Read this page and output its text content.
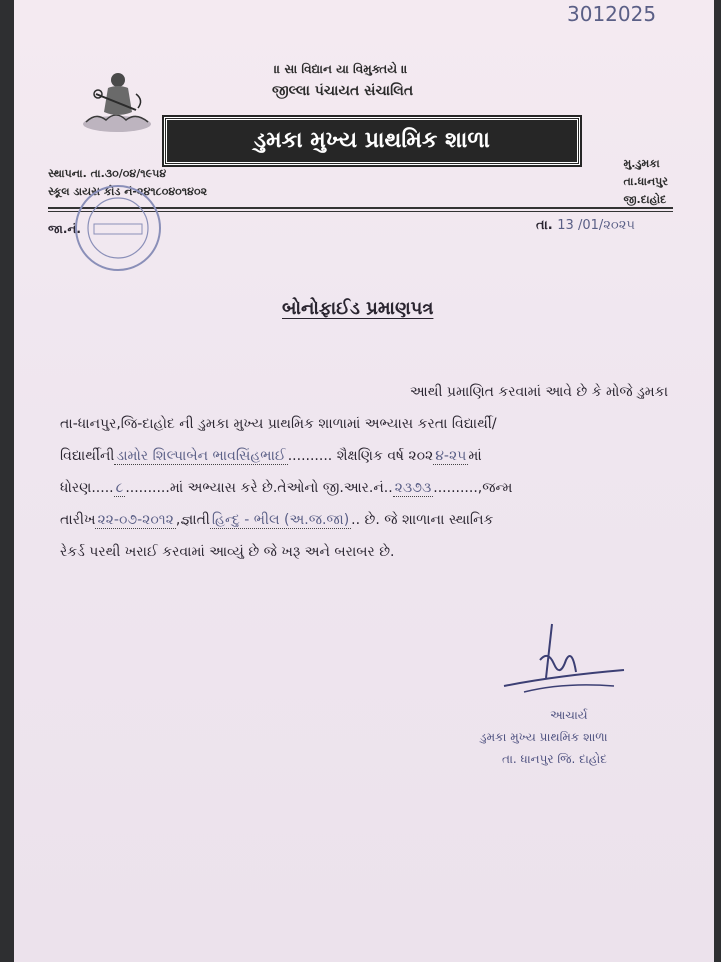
3012025
॥ સા વિદ્યાન યા વિમુક્તયે ॥
જીલ્લા પંચાયત સંચાલિત
ડુમકા મુખ્ય પ્રાથમિક શાળા
સ્થાપના. તા.૩૦/૦૪/૧૯૫૪
સ્કૂલ ડાયસ કોડ નં-૨૪૧૮૦૪૦૧૪૦૨
મુ.ડુમકા
તા.ધાનપુર
જી.દાહોદ
જા.નં.	તા. 13 /01/૨૦૨૫
બોનોફાઈડ પ્રમાણપત્ર

આથી પ્રમાણિત કરવામાં આવે છે કે મોજે ડુમકા

તા-ધાનપુર,જિ-દાહોદ ની ડુમકા મુખ્ય પ્રાથમિક શાળામાં અભ્યાસ કરતા વિદ્યાર્થી/

વિદ્યાર્થીની ડામોર શિલ્પાબેન ભાવસિંહભાઈ .......... શૈક્ષણિક વર્ષ ૨૦૨ ૪-૨૫ માં

ધોરણ..... ૮ ..........માં અભ્યાસ કરે છે.તેઓનો જી.આર.નં.. ૨૩૭૩ ..........,જન્મ

તારીખ ૨૨-૦૭-૨૦૧૨ ,જ્ઞાતી હિન્દુ - ભીલ (અ.જ.જા) .. છે. જે શાળાના સ્થાનિક

રેકર્ડ પરથી ખરાઈ કરવામાં આવ્યું છે જે ખરૂ અને બરાબર છે.

આચાર્ય
ડુમકા મુખ્ય પ્રાથમિક શાળા
તા. ધાનપુર જિ. દાહોદ
